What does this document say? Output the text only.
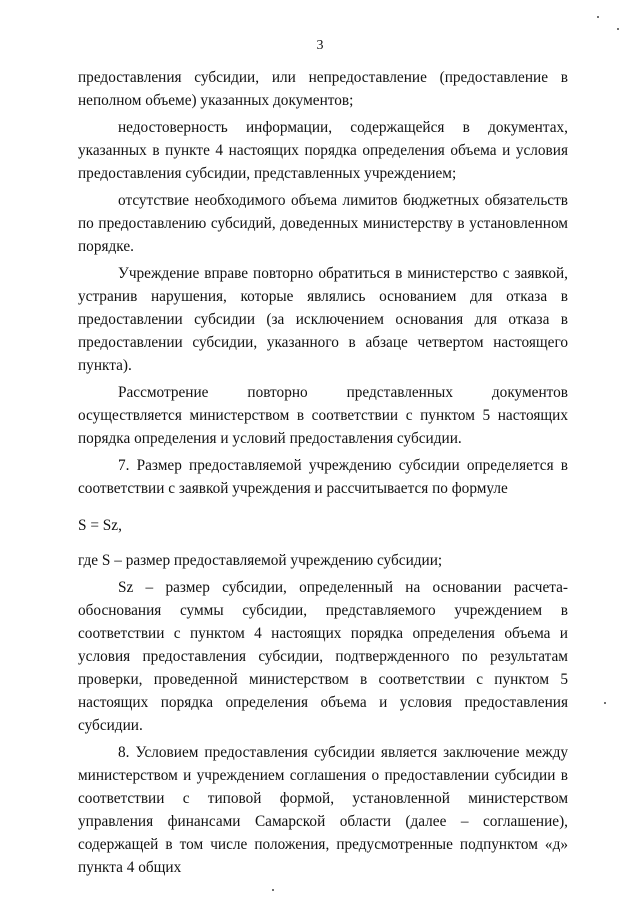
3

предоставления субсидии, или непредоставление (предоставление в неполном объеме) указанных документов;

недостоверность информации, содержащейся в документах, указанных в пункте 4 настоящих порядка определения объема и условия предоставления субсидии, представленных учреждением;

отсутствие необходимого объема лимитов бюджетных обязательств по предоставлению субсидий, доведенных министерству в установленном порядке.

Учреждение вправе повторно обратиться в министерство с заявкой, устранив нарушения, которые являлись основанием для отказа в предоставлении субсидии (за исключением основания для отказа в предоставлении субсидии, указанного в абзаце четвертом настоящего пункта).

Рассмотрение повторно представленных документов осуществляется министерством в соответствии с пунктом 5 настоящих порядка определения и условий предоставления субсидии.

7. Размер предоставляемой учреждению субсидии определяется в соответствии с заявкой учреждения и рассчитывается по формуле

S = Sz,

где S – размер предоставляемой учреждению субсидии;

Sz – размер субсидии, определенный на основании расчета-обоснования суммы субсидии, представляемого учреждением в соответствии с пунктом 4 настоящих порядка определения объема и условия предоставления субсидии, подтвержденного по результатам проверки, проведенной министерством в соответствии с пунктом 5 настоящих порядка определения объема и условия предоставления субсидии.

8. Условием предоставления субсидии является заключение между министерством и учреждением соглашения о предоставлении субсидии в соответствии с типовой формой, установленной министерством управления финансами Самарской области (далее – соглашение), содержащей в том числе положения, предусмотренные подпунктом «д» пункта 4 общих
